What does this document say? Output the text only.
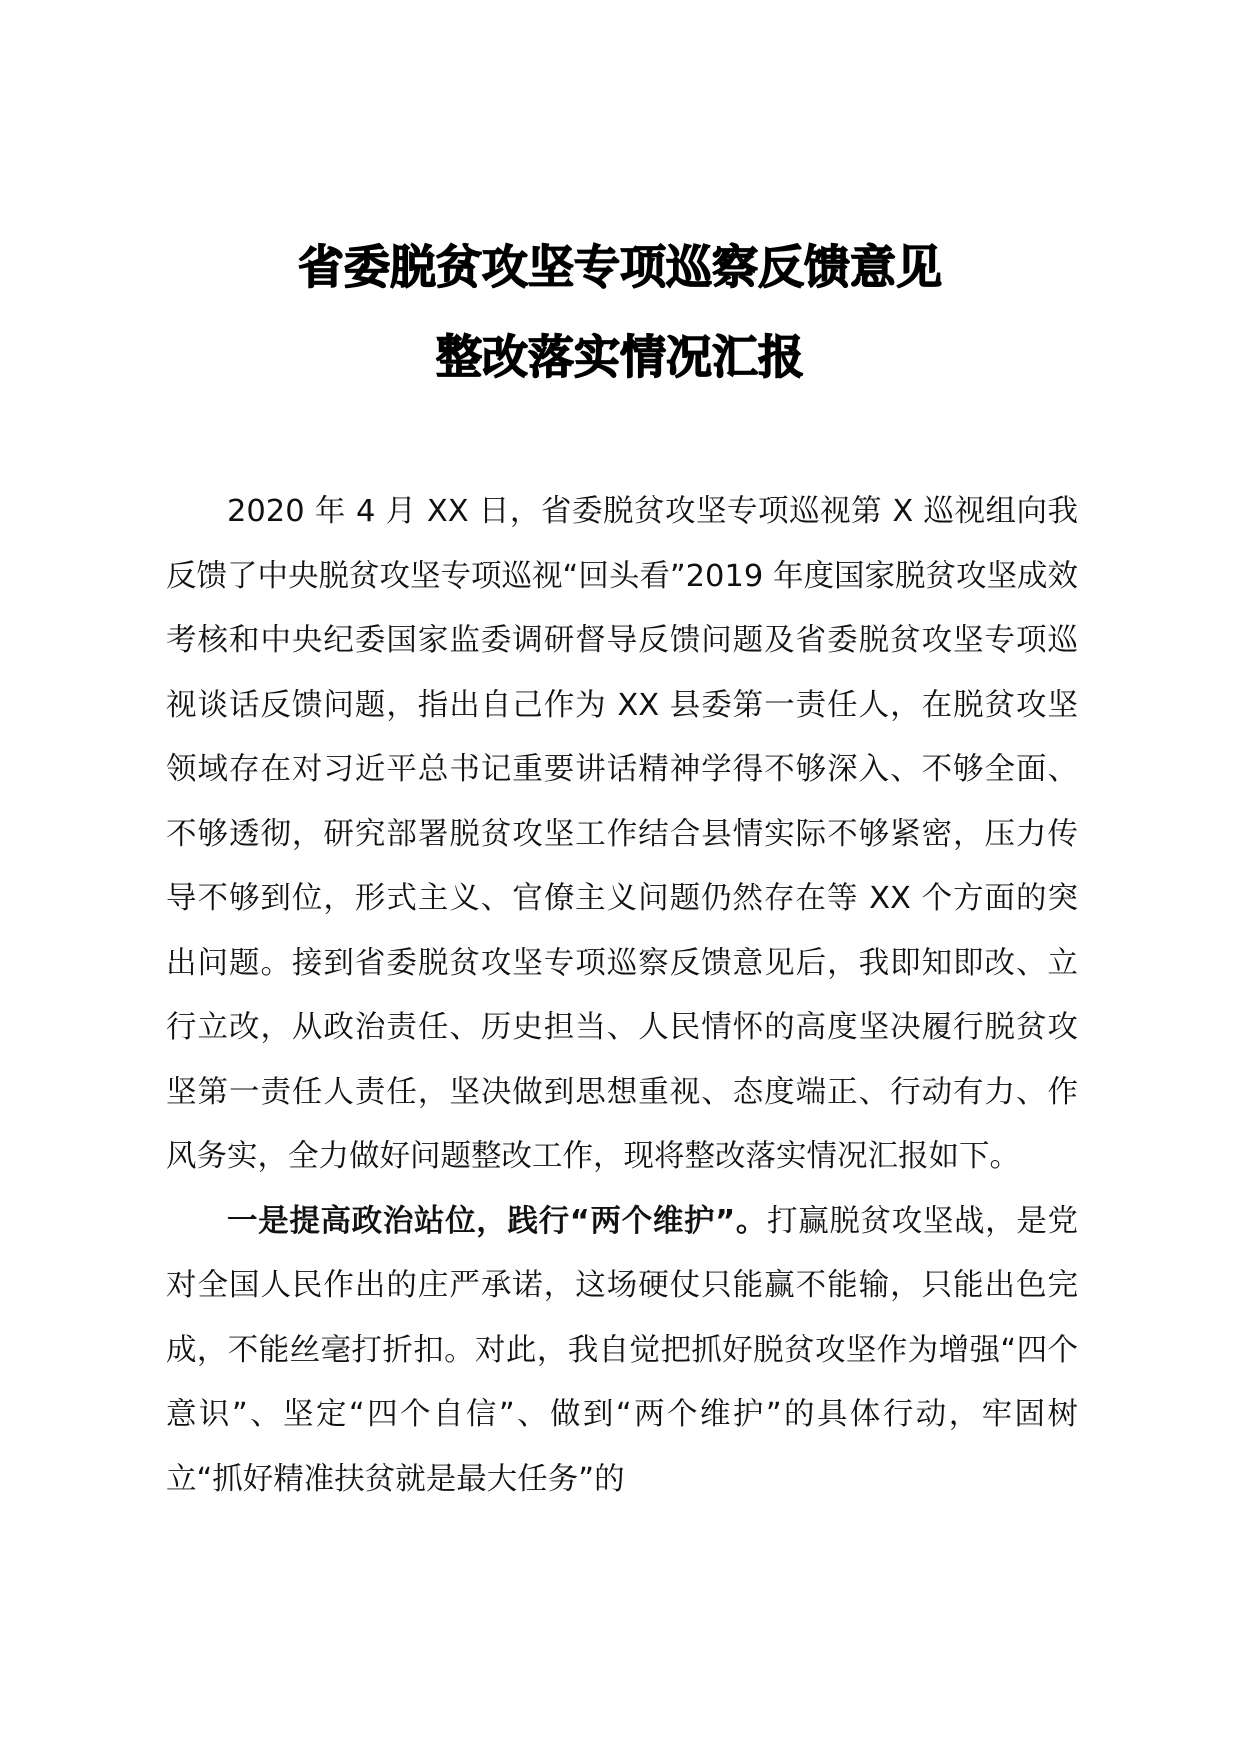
省委脱贫攻坚专项巡察反馈意见
整改落实情况汇报

2020 年 4 月 XX 日，省委脱贫攻坚专项巡视第 X 巡视组向我反馈了中央脱贫攻坚专项巡视“回头看”2019 年度国家脱贫攻坚成效考核和中央纪委国家监委调研督导反馈问题及省委脱贫攻坚专项巡视谈话反馈问题，指出自己作为 XX 县委第一责任人，在脱贫攻坚领域存在对习近平总书记重要讲话精神学得不够深入、不够全面、不够透彻，研究部署脱贫攻坚工作结合县情实际不够紧密，压力传导不够到位，形式主义、官僚主义问题仍然存在等 XX 个方面的突出问题。接到省委脱贫攻坚专项巡察反馈意见后，我即知即改、立行立改，从政治责任、历史担当、人民情怀的高度坚决履行脱贫攻坚第一责任人责任，坚决做到思想重视、态度端正、行动有力、作风务实，全力做好问题整改工作，现将整改落实情况汇报如下。

一是提高政治站位，践行“两个维护”。打赢脱贫攻坚战，是党对全国人民作出的庄严承诺，这场硬仗只能赢不能输，只能出色完成，不能丝毫打折扣。对此，我自觉把抓好脱贫攻坚作为增强“四个意识”、坚定“四个自信”、做到“两个维护”的具体行动，牢固树立“抓好精准扶贫就是最大任务”的
